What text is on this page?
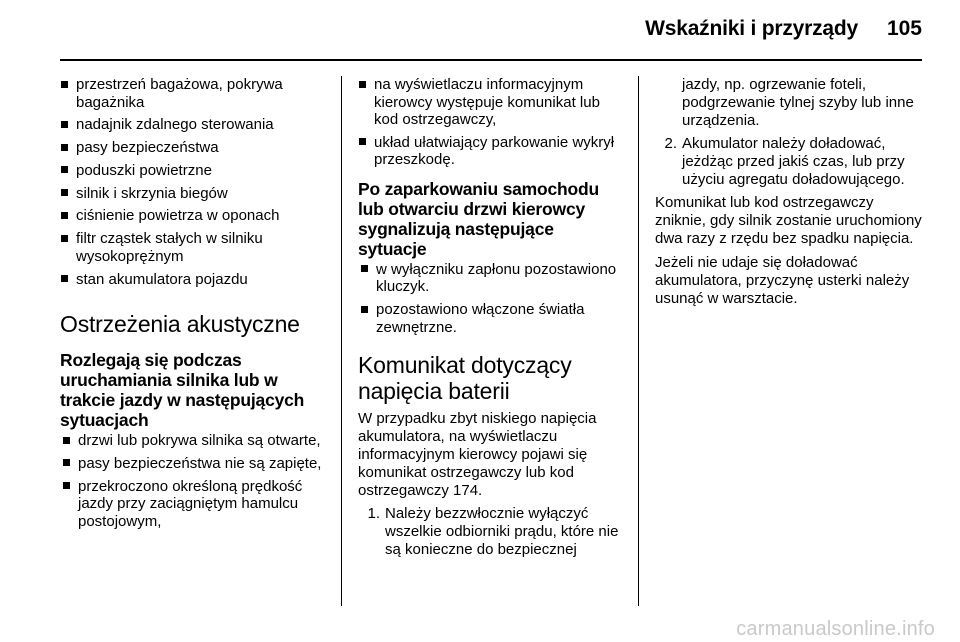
Wskaźniki i przyrządy	105
przestrzeń bagażowa, pokrywa bagażnika
nadajnik zdalnego sterowania
pasy bezpieczeństwa
poduszki powietrzne
silnik i skrzynia biegów
ciśnienie powietrza w oponach
filtr cząstek stałych w silniku wysokoprężnym
stan akumulatora pojazdu
Ostrzeżenia akustyczne
Rozlegają się podczas uruchamiania silnika lub w trakcie jazdy w następujących sytuacjach
drzwi lub pokrywa silnika są otwarte,
pasy bezpieczeństwa nie są zapięte,
przekroczono określoną prędkość jazdy przy zaciągniętym hamulcu postojowym,
na wyświetlaczu informacyjnym kierowcy występuje komunikat lub kod ostrzegawczy,
układ ułatwiający parkowanie wykrył przeszkodę.
Po zaparkowaniu samochodu lub otwarciu drzwi kierowcy sygnalizują następujące sytuacje
w wyłączniku zapłonu pozostawiono kluczyk.
pozostawiono włączone światła zewnętrzne.
Komunikat dotyczący napięcia baterii
W przypadku zbyt niskiego napięcia akumulatora, na wyświetlaczu informacyjnym kierowcy pojawi się komunikat ostrzegawczy lub kod ostrzegawczy 174.
1. Należy bezzwłocznie wyłączyć wszelkie odbiorniki prądu, które nie są konieczne do bezpiecznej
jazdy, np. ogrzewanie foteli, podgrzewanie tylnej szyby lub inne urządzenia.
2. Akumulator należy doładować, jeżdżąc przed jakiś czas, lub przy użyciu agregatu doładowującego.
Komunikat lub kod ostrzegawczy zniknie, gdy silnik zostanie uruchomiony dwa razy z rzędu bez spadku napięcia.
Jeżeli nie udaje się doładować akumulatora, przyczynę usterki należy usunąć w warsztacie.
carmanualsonline.info
